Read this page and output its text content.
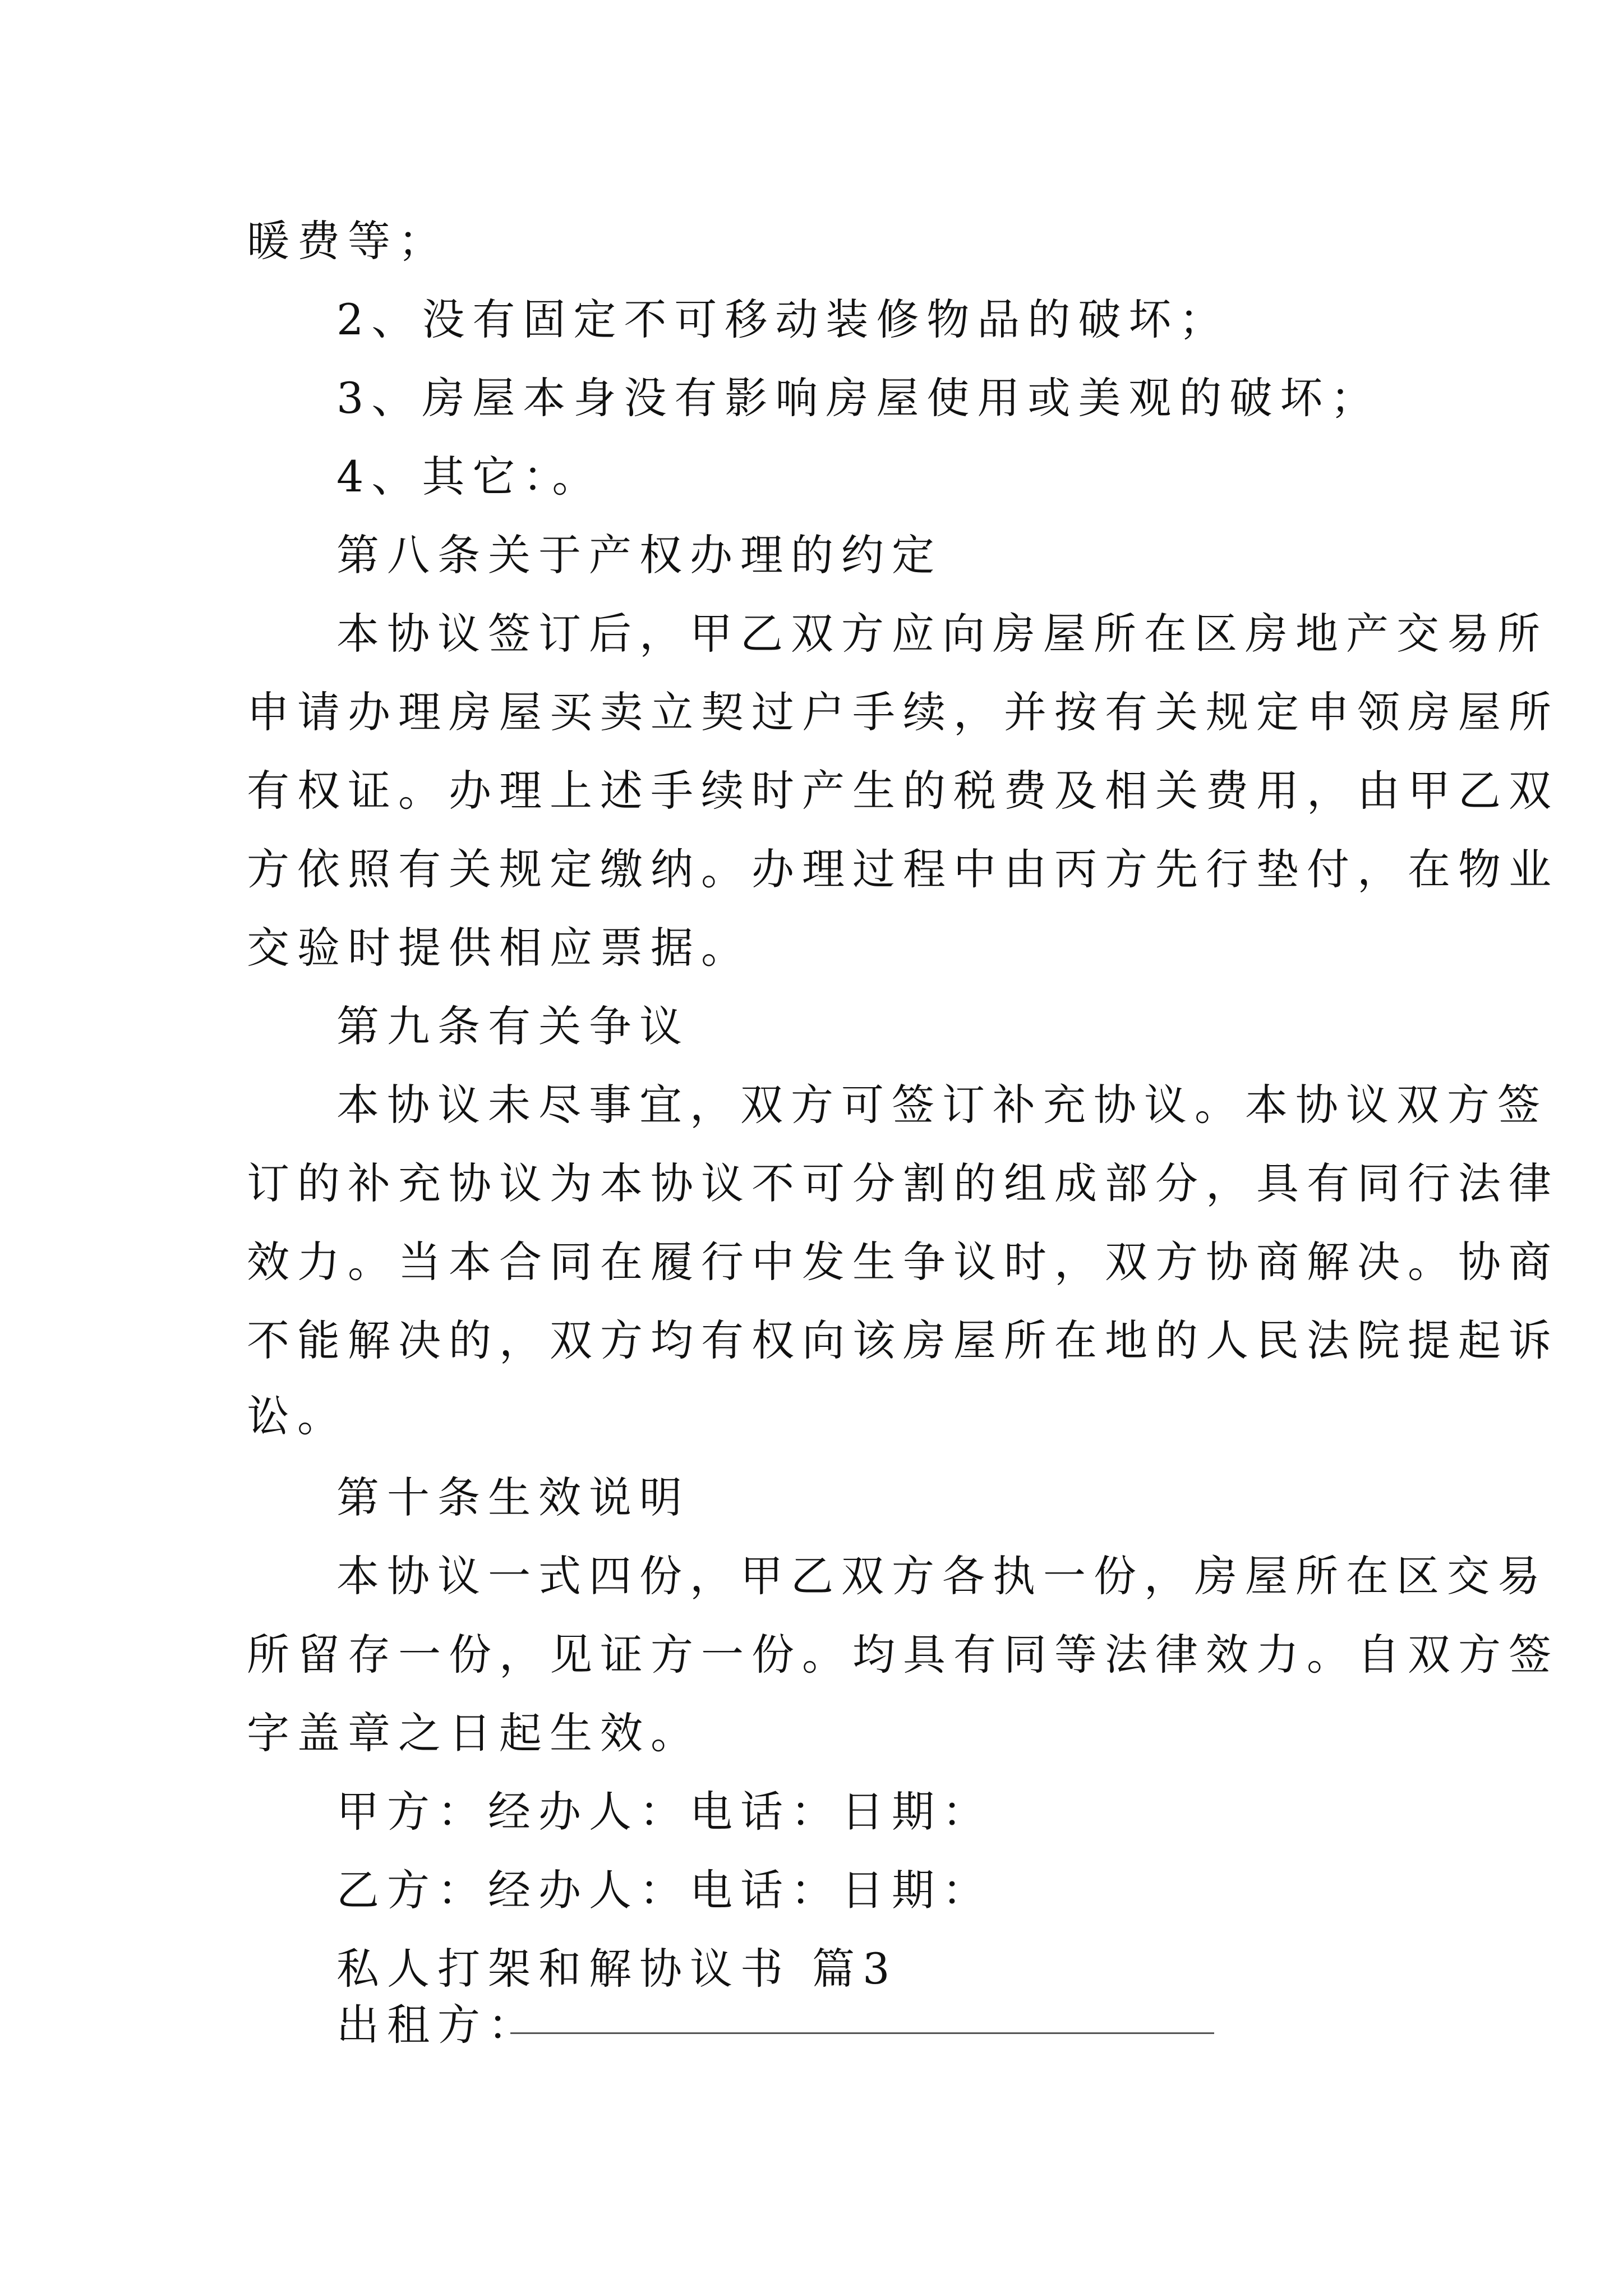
暖费等；
2、没有固定不可移动装修物品的破坏；
3、房屋本身没有影响房屋使用或美观的破坏；
4、其它：。
第八条关于产权办理的约定
本协议签订后，甲乙双方应向房屋所在区房地产交易所
申请办理房屋买卖立契过户手续，并按有关规定申领房屋所
有权证。办理上述手续时产生的税费及相关费用，由甲乙双
方依照有关规定缴纳。办理过程中由丙方先行垫付，在物业
交验时提供相应票据。
第九条有关争议
本协议未尽事宜，双方可签订补充协议。本协议双方签
订的补充协议为本协议不可分割的组成部分，具有同行法律
效力。当本合同在履行中发生争议时，双方协商解决。协商
不能解决的，双方均有权向该房屋所在地的人民法院提起诉
讼。
第十条生效说明
本协议一式四份，甲乙双方各执一份，房屋所在区交易
所留存一份，见证方一份。均具有同等法律效力。自双方签
字盖章之日起生效。
甲方：经办人：电话：日期：
乙方：经办人：电话：日期：
私人打架和解协议书 篇3
出租方：
